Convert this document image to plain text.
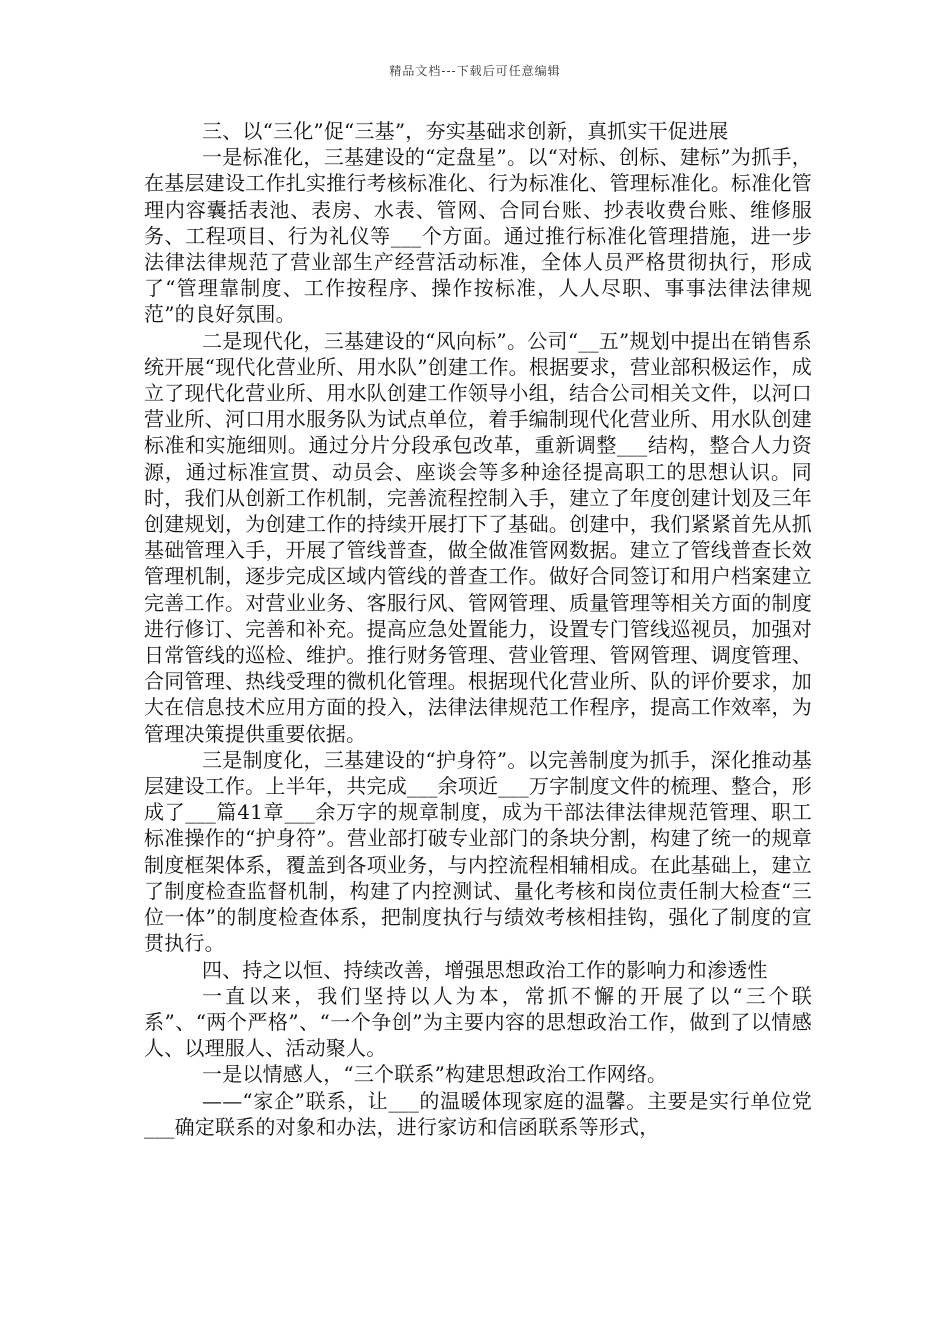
精品文档---下载后可任意编辑

三、以“三化”促“三基”，夯实基础求创新，真抓实干促进展

一是标准化，三基建设的“定盘星”。以“对标、创标、建标”为抓手，在基层建设工作扎实推行考核标准化、行为标准化、管理标准化。标准化管理内容囊括表池、表房、水表、管网、合同台账、抄表收费台账、维修服务、工程项目、行为礼仪等___个方面。通过推行标准化管理措施，进一步法律法律规范了营业部生产经营活动标准，全体人员严格贯彻执行，形成了“管理靠制度、工作按程序、操作按标准，人人尽职、事事法律法律规范”的良好氛围。

二是现代化，三基建设的“风向标”。公司“__五”规划中提出在销售系统开展“现代化营业所、用水队”创建工作。根据要求，营业部积极运作，成立了现代化营业所、用水队创建工作领导小组，结合公司相关文件，以河口营业所、河口用水服务队为试点单位，着手编制现代化营业所、用水队创建标准和实施细则。通过分片分段承包改革，重新调整___结构，整合人力资源，通过标准宣贯、动员会、座谈会等多种途径提高职工的思想认识。同时，我们从创新工作机制，完善流程控制入手，建立了年度创建计划及三年创建规划，为创建工作的持续开展打下了基础。创建中，我们紧紧首先从抓基础管理入手，开展了管线普查，做全做准管网数据。建立了管线普查长效管理机制，逐步完成区域内管线的普查工作。做好合同签订和用户档案建立完善工作。对营业业务、客服行风、管网管理、质量管理等相关方面的制度进行修订、完善和补充。提高应急处置能力，设置专门管线巡视员，加强对日常管线的巡检、维护。推行财务管理、营业管理、管网管理、调度管理、合同管理、热线受理的微机化管理。根据现代化营业所、队的评价要求，加大在信息技术应用方面的投入，法律法律规范工作程序，提高工作效率，为管理决策提供重要依据。

三是制度化，三基建设的“护身符”。以完善制度为抓手，深化推动基层建设工作。上半年，共完成___余项近___万字制度文件的梳理、整合，形成了___篇41章___余万字的规章制度，成为干部法律法律规范管理、职工标准操作的“护身符”。营业部打破专业部门的条块分割，构建了统一的规章制度框架体系，覆盖到各项业务，与内控流程相辅相成。在此基础上，建立了制度检查监督机制，构建了内控测试、量化考核和岗位责任制大检查“三位一体”的制度检查体系，把制度执行与绩效考核相挂钩，强化了制度的宣贯执行。

四、持之以恒、持续改善，增强思想政治工作的影响力和渗透性

一直以来，我们坚持以人为本，常抓不懈的开展了以“三个联系”、“两个严格”、“一个争创”为主要内容的思想政治工作，做到了以情感人、以理服人、活动聚人。

一是以情感人，“三个联系”构建思想政治工作网络。

——“家企”联系，让___的温暖体现家庭的温馨。主要是实行单位党___确定联系的对象和办法，进行家访和信函联系等形式，
